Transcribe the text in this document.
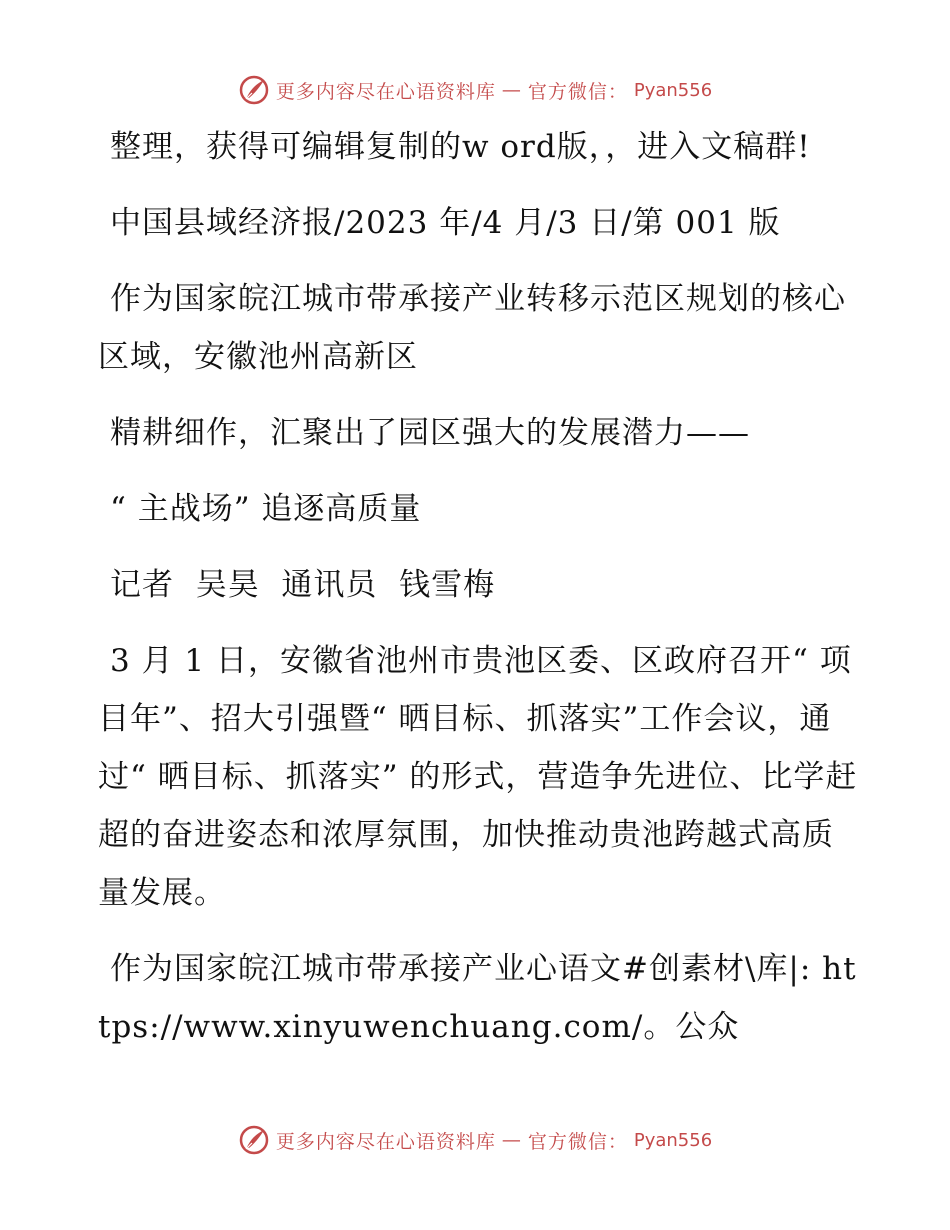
更多内容尽在心语资料库 — 官方微信： Pyan556

整理，获得可编辑复制的w ord版，，进入文稿群!

中国县域经济报/2023 年/4 月/3 日/第 001 版

作为国家皖江城市带承接产业转移示范区规划的核心区域，安徽池州高新区

精耕细作，汇聚出了园区强大的发展潜力——

“ 主战场” 追逐高质量

记者  吴昊  通讯员  钱雪梅

3 月 1 日，安徽省池州市贵池区委、区政府召开“ 项目年”、招大引强暨“ 晒目标、抓落实”工作会议，通过“ 晒目标、抓落实” 的形式，营造争先进位、比学赶超的奋进姿态和浓厚氛围，加快推动贵池跨越式高质量发展。

作为国家皖江城市带承接产业心语文#创素材\库|: https://www.xinyuwenchuang.com/。公众

更多内容尽在心语资料库 — 官方微信： Pyan556
